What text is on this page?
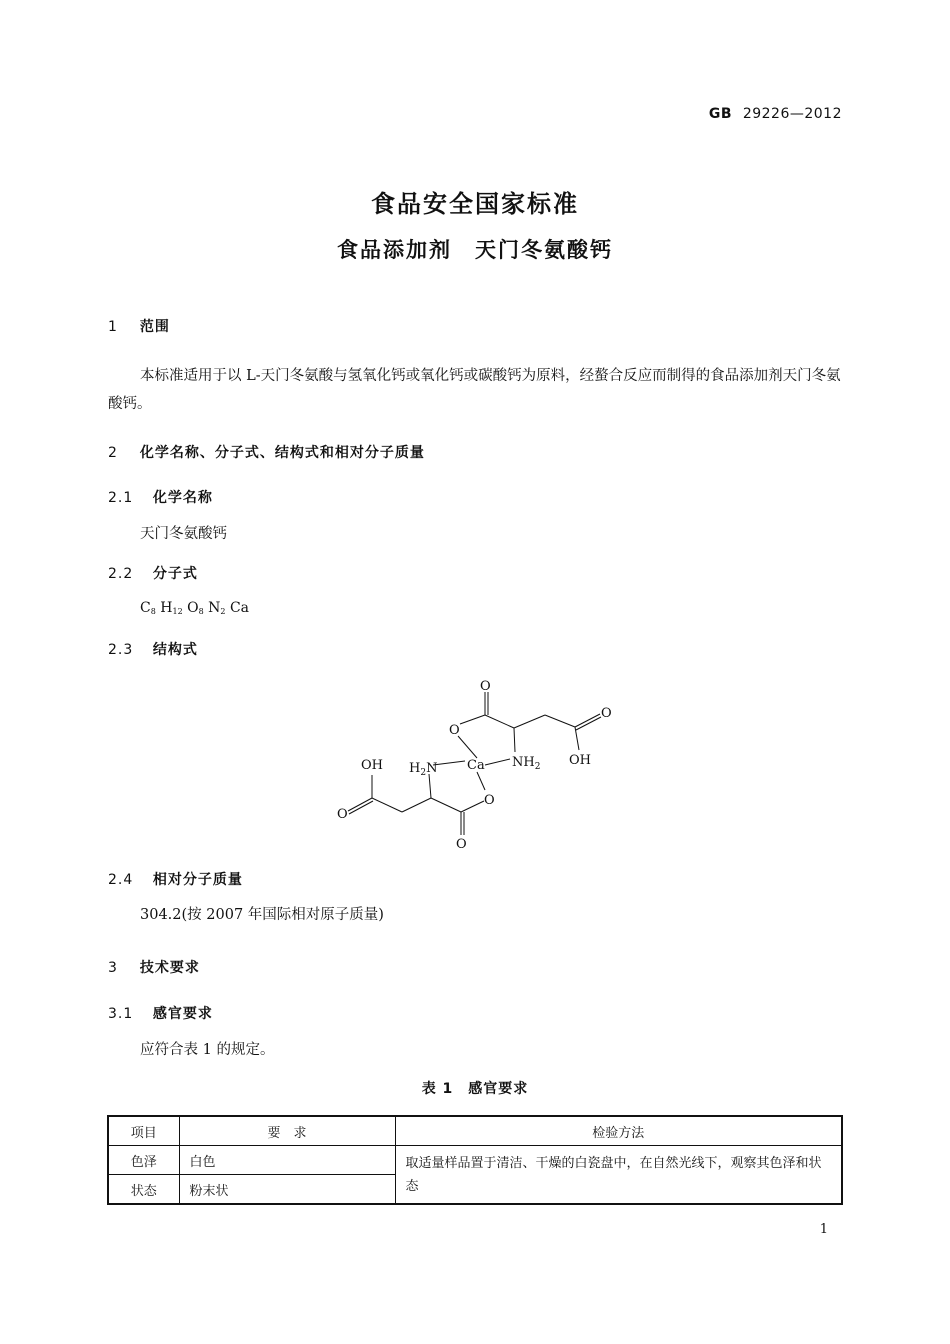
GB 29226—2012
食品安全国家标准
食品添加剂　天门冬氨酸钙
1 范围
本标准适用于以 L-天门冬氨酸与氢氧化钙或氧化钙或碳酸钙为原料，经螯合反应而制得的食品添加剂天门冬氨酸钙。
2 化学名称、分子式、结构式和相对分子质量
2.1 化学名称
天门冬氨酸钙
2.2 分子式
$C_8$ $H_{12}$ $O_8$ $N_2$ Ca
2.3 结构式
O
O
Ca $NH_2$
O
OH
OH $H_2N$
O
O
O
2.4 相对分子质量
304.2(按 2007 年国际相对原子质量)
3 技术要求
3.1 感官要求
应符合表 1 的规定。
表 1　感官要求
项目	要　求	检验方法
色泽	白色	取适量样品置于清洁、干燥的白瓷盘中，在自然光线下，观察其色泽和状态
状态	粉末状	
1
